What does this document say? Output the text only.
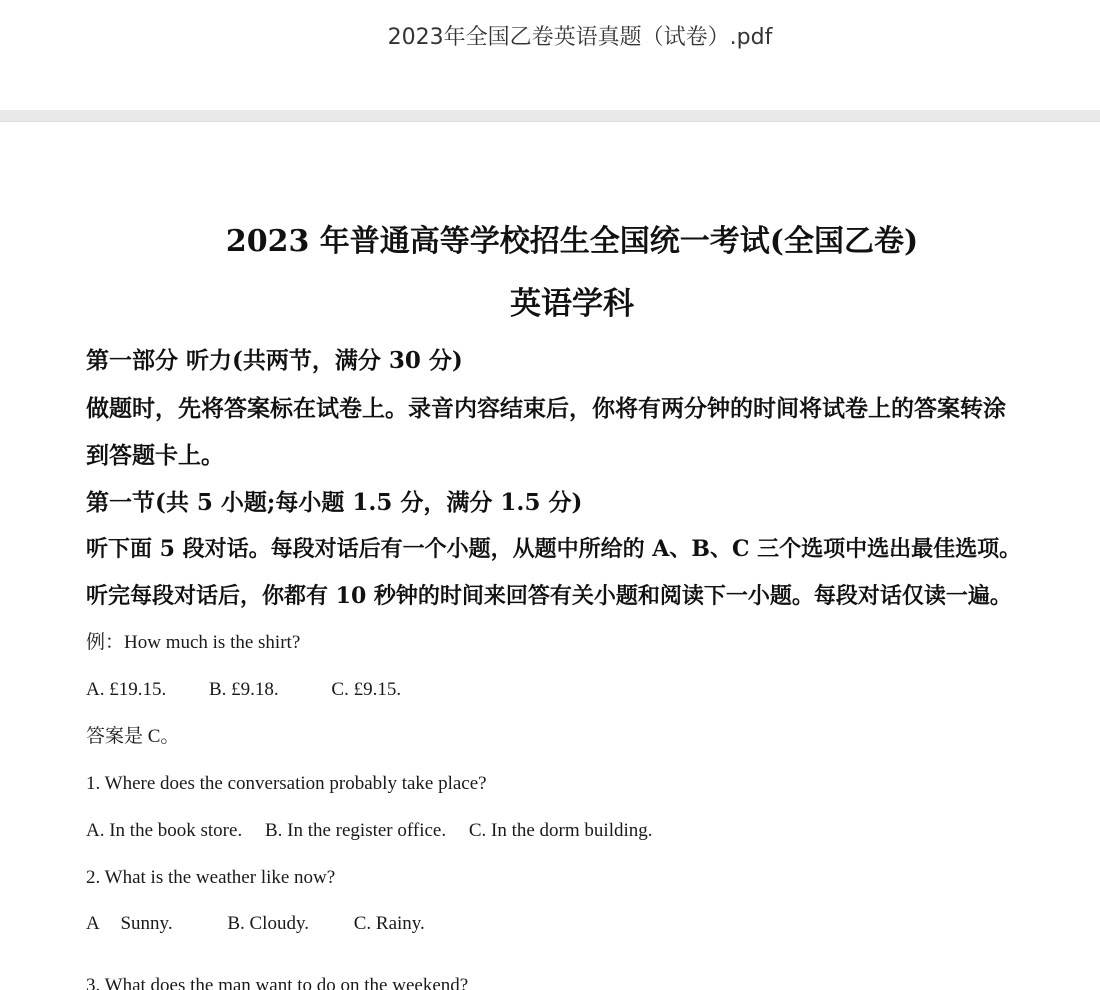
2023年全国乙卷英语真题（试卷）.pdf
2023 年普通高等学校招生全国统一考试(全国乙卷)
英语学科
第一部分 听力(共两节，满分 30 分)
做题时，先将答案标在试卷上。录音内容结束后，你将有两分钟的时间将试卷上的答案转涂
到答题卡上。
第一节(共 5 小题;每小题 1.5 分，满分 1.5 分)
听下面 5 段对话。每段对话后有一个小题，从题中所给的 A、B、C 三个选项中选出最佳选项。
听完每段对话后，你都有 10 秒钟的时间来回答有关小题和阅读下一小题。每段对话仅读一遍。
例：How much is the shirt?
A. £19.15. B. £9.18.	C. £9.15.
答案是 C。
1. Where does the conversation probably take place?
A. In the book store. B. In the register office. C. In the dorm building.
2. What is the weather like now?
A Sunny.	B. Cloudy. C. Rainy.
3. What does the man want to do on the weekend?
